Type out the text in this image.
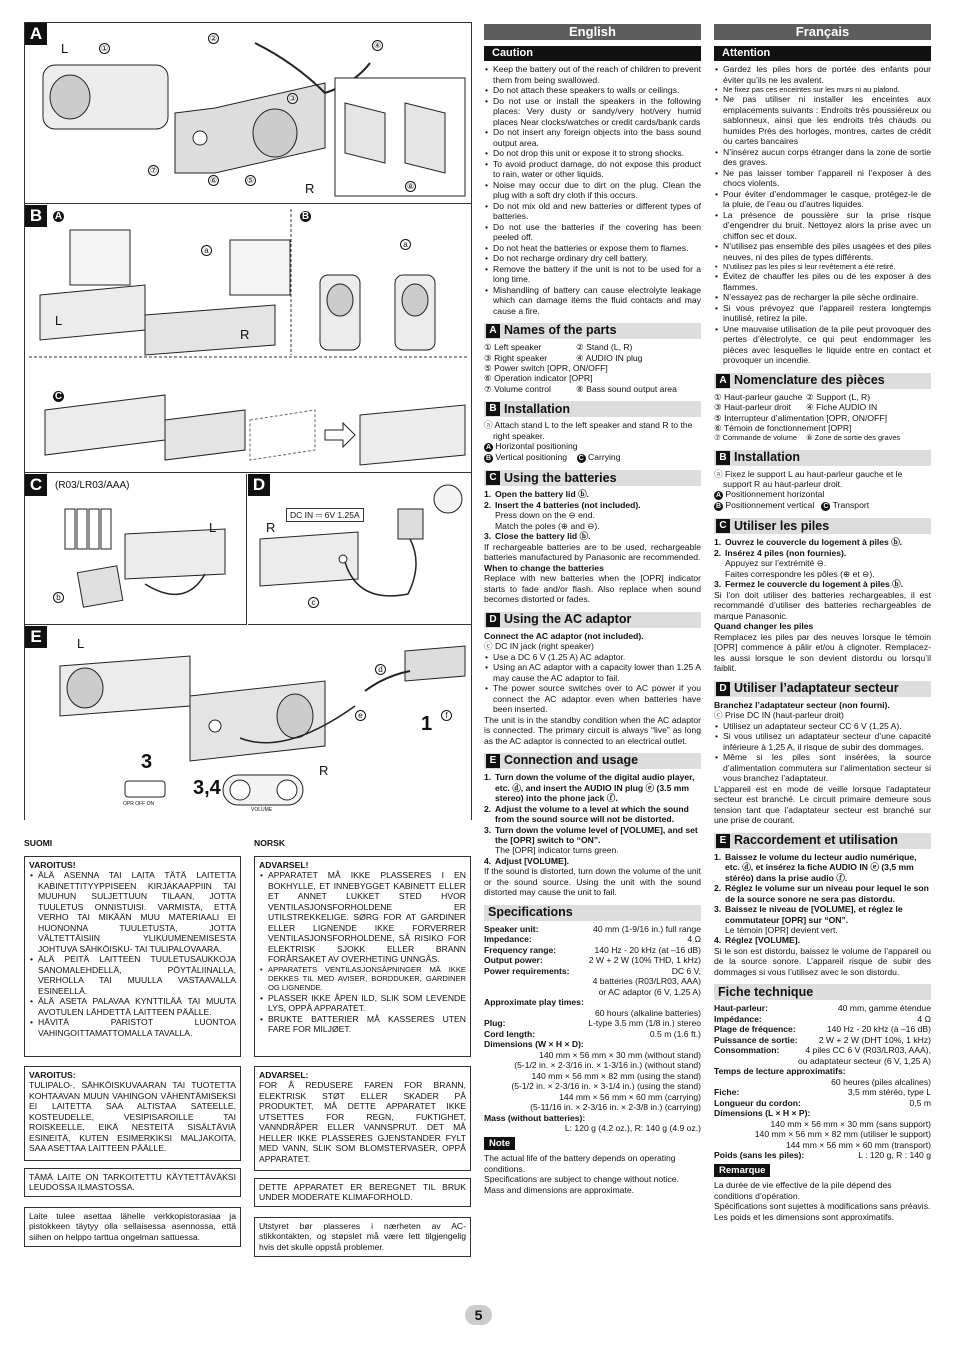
A
L
R
①
②
③
④
⑤
⑥
⑦
⑧
B	A	B
C
a
a
L
R
C	(R03/LR03/AAA)
b
L
D
DC IN ⎓ 6V 1.25A
c
R
E	L
R
d
e	f
1
3
3,4
OPR OFF ON
VOLUME
SUOMI	NORSK
VAROITUS!
• ÄLÄ ASENNA TAI LAITA TÄTÄ LAITETTA KABINETTITYYPPISEEN KIRJAKAAPPIIN TAI MUUHUN SULJETTUUN TILAAN, JOTTA TUULETUS ONNISTUISI. VARMISTA, ETTÄ VERHO TAI MIKÄÄN MUU MATERIAALI EI HUONONNA TUULETUSTA, JOTTA VÄLTETTÄISIIN YLIKUUMENEMISESTA JOHTUVA SÄHKÖISKU- TAI TULIPALOVAARA.
• ÄLÄ PEITÄ LAITTEEN TUULETUSAUKKOJA SANOMALEHDELLÄ, PÖYTÄLIINALLA, VERHOLLA TAI MUULLA VASTAAVALLA ESINEELLÄ.
• ÄLÄ ASETA PALAVAA KYNTTILÄÄ TAI MUUTA AVOTULEN LÄHDETTÄ LAITTEEN PÄÄLLE.
• HÄVITÄ PARISTOT LUONTOA VAHINGOITTAMATTOMALLA TAVALLA.
VAROITUS:
TULIPALO-, SÄHKÖISKUVAARAN TAI TUOTETTA KOHTAAVAN MUUN VAHINGON VÄHENTÄMISEKSI EI LAITETTA SAA ALTISTAA SATEELLE, KOSTEUDELLE, VESIPISAROILLE TAI ROISKEELLE, EIKÄ NESTEITÄ SISÄLTÄVIÄ ESINEITÄ, KUTEN ESIMERKIKSI MALJAKOITA, SAA ASETTAA LAITTEEN PÄÄLLE.
TÄMÄ LAITE ON TARKOITETTU KÄYTETTÄVÄKSI LEUDOSSA ILMASTOSSA.
Laite tulee asettaa lähelle verkkopistorasiaa ja pistokkeen täytyy olla sellaisessa asennossa, että siihen on helppo tarttua ongelman sattuessa.
ADVARSEL!
• APPARATET MÅ IKKE PLASSERES I EN BOKHYLLE, ET INNEBYGGET KABINETT ELLER ET ANNET LUKKET STED HVOR VENTILASJONSFORHOLDENE ER UTILSTREKKELIGE. SØRG FOR AT GARDINER ELLER LIGNENDE IKKE FORVERRER VENTILASJONSFORHOLDENE, SÅ RISIKO FOR ELEKTRISK SJOKK ELLER BRANN FORÅRSAKET AV OVERHETING UNNGÅS.
• APPARATETS VENTILASJONSÅPNINGER MÅ IKKE DEKKES TIL MED AVISER, BORDDUKER, GARDINER OG LIGNENDE.
• PLASSER IKKE ÅPEN ILD, SLIK SOM LEVENDE LYS, OPPÅ APPARATET.
• BRUKTE BATTERIER MÅ KASSERES UTEN FARE FOR MILJØET.
ADVARSEL:
FOR Å REDUSERE FAREN FOR BRANN, ELEKTRISK STØT ELLER SKADER PÅ PRODUKTET, MÅ DETTE APPARATET IKKE UTSETTES FOR REGN, FUKTIGHET, VANNDRÅPER ELLER VANNSPRUT. DET MÅ HELLER IKKE PLASSERES GJENSTANDER FYLT MED VANN, SLIK SOM BLOMSTERVASER, OPPÅ APPARATET.
DETTE APPARATET ER BEREGNET TIL BRUK UNDER MODERATE KLIMAFORHOLD.
Utstyret bør plasseres i nærheten av AC-stikkontakten, og støpslet må være lett tilgjengelig hvis det skulle oppstå problemer.
English
Caution
• Keep the battery out of the reach of children to prevent them from being swallowed.
• Do not attach these speakers to walls or ceilings.
• Do not use or install the speakers in the following places: Very dusty or sandy/very hot/very humid places Near clocks/watches or credit cards/bank cards
• Do not insert any foreign objects into the bass sound output area.
• Do not drop this unit or expose it to strong shocks.
• To avoid product damage, do not expose this product to rain, water or other liquids.
• Noise may occur due to dirt on the plug. Clean the plug with a soft dry cloth if this occurs.
• Do not mix old and new batteries or different types of batteries.
• Do not use the batteries if the covering has been peeled off.
• Do not heat the batteries or expose them to flames.
• Do not recharge ordinary dry cell battery.
• Remove the battery if the unit is not to be used for a long time.
• Mishandling of battery can cause electrolyte leakage which can damage items the fluid contacts and may cause a fire.
A Names of the parts
① Left speaker	② Stand (L, R)
③ Right speaker	④ AUDIO IN plug
⑤ Power switch [OPR, ON/OFF]
⑥ Operation indicator [OPR]
⑦ Volume control	⑧ Bass sound output area
B Installation
ⓐ Attach stand L to the left speaker and stand R to the right speaker.
A Horizontal positioning
B Vertical positioning C Carrying
C Using the batteries
1. Open the battery lid ⓑ.
2. Insert the 4 batteries (not included).
Press down on the ⊖ end.
Match the poles (⊕ and ⊖).
3. Close the battery lid ⓑ.
If rechargeable batteries are to be used, rechargeable batteries manufactured by Panasonic are recommended.
When to change the batteries
Replace with new batteries when the [OPR] indicator starts to fade and/or flash. Also replace when sound becomes distorted or fades.
D Using the AC adaptor
Connect the AC adaptor (not included).
ⓒ DC IN jack (right speaker)
• Use a DC 6 V (1.25 A) AC adaptor.
• Using an AC adaptor with a capacity lower than 1.25 A may cause the AC adaptor to fail.
• The power source switches over to AC power if you connect the AC adaptor even when batteries have been inserted.
The unit is in the standby condition when the AC adaptor is connected. The primary circuit is always “live” as long as the AC adaptor is connected to an electrical outlet.
E Connection and usage
1. Turn down the volume of the digital audio player, etc. ⓓ, and insert the AUDIO IN plug ⓔ (3.5 mm stereo) into the phone jack ⓕ.
2. Adjust the volume to a level at which the sound from the sound source will not be distorted.
3. Turn down the volume level of [VOLUME], and set the [OPR] switch to “ON”.
The [OPR] indicator turns green.
4. Adjust [VOLUME].
If the sound is distorted, turn down the volume of the unit or the sound source. Using the unit with the sound distorted may cause the unit to fail.
Specifications
Speaker unit:	40 mm (1-9/16 in.) full range
Impedance:	4 Ω
Frequency range:	140 Hz - 20 kHz (at –16 dB)
Output power:	2 W + 2 W (10% THD, 1 kHz)
Power requirements:	DC 6 V,
4 batteries (R03/LR03, AAA)
or AC adaptor (6 V, 1.25 A)
Approximate play times:
60 hours (alkaline batteries)
Plug:	L-type 3.5 mm (1/8 in.) stereo
Cord length:	0.5 m (1.6 ft.)
Dimensions (W × H × D):
140 mm × 56 mm × 30 mm (without stand)
(5-1/2 in. × 2-3/16 in. × 1-3/16 in.) (without stand)
140 mm × 56 mm × 82 mm (using the stand)
(5-1/2 in. × 2-3/16 in. × 3-1/4 in.) (using the stand)
144 mm × 56 mm × 60 mm (carrying)
(5-11/16 in. × 2-3/16 in. × 2-3/8 in.) (carrying)
Mass (without batteries):
L: 120 g (4.2 oz.), R: 140 g (4.9 oz.)
Note
The actual life of the battery depends on operating conditions.
Specifications are subject to change without notice.
Mass and dimensions are approximate.
Français
Attention
• Gardez les piles hors de portée des enfants pour éviter qu’ils ne les avalent.
• Ne fixez pas ces enceintes sur les murs ni au plafond.
• Ne pas utiliser ni installer les enceintes aux emplacements suivants : Endroits très poussiéreux ou sablonneux, ainsi que les endroits très chauds ou humides Près des horloges, montres, cartes de crédit ou cartes bancaires
• N’insérez aucun corps étranger dans la zone de sortie des graves.
• Ne pas laisser tomber l’appareil ni l’exposer à des chocs violents.
• Pour éviter d’endommager le casque, protégez-le de la pluie, de l’eau ou d’autres liquides.
• La présence de poussière sur la prise risque d’engendrer du bruit. Nettoyez alors la prise avec un chiffon sec et doux.
• N’utilisez pas ensemble des piles usagées et des piles neuves, ni des piles de types différents.
• N’utilisez pas les piles si leur revêtement a été retiré.
• Évitez de chauffer les piles ou de les exposer à des flammes.
• N’essayez pas de recharger la pile sèche ordinaire.
• Si vous prévoyez que l’appareil restera longtemps inutilisé, retirez la pile.
• Une mauvaise utilisation de la pile peut provoquer des pertes d’électrolyte, ce qui peut endommager les pièces avec lesquelles le liquide entre en contact et provoquer un incendie.
A Nomenclature des pièces
① Haut-parleur gauche ② Support (L, R)
③ Haut-parleur droit	④ Fiche AUDIO IN
⑤ Interrupteur d’alimentation [OPR, ON/OFF]
⑥ Témoin de fonctionnement [OPR]
⑦ Commande de volume	⑧ Zone de sortie des graves
B Installation
ⓐ Fixez le support L au haut-parleur gauche et le support R au haut-parleur droit.
A Positionnement horizontal
B Positionnement vertical C Transport
C Utiliser les piles
1. Ouvrez le couvercle du logement à piles ⓑ.
2. Insérez 4 piles (non fournies).
Appuyez sur l’extrémité ⊖.
Faites correspondre les pôles (⊕ et ⊖).
3. Fermez le couvercle du logement à piles ⓑ.
Si l’on doit utiliser des batteries rechargeables, il est recommandé d’utiliser des batteries rechargeables de marque Panasonic.
Quand changer les piles
Remplacez les piles par des neuves lorsque le témoin [OPR] commence à pâlir et/ou à clignoter. Remplacez-les aussi lorsque le son devient distordu ou lorsqu’il faiblit.
D Utiliser l’adaptateur secteur
Branchez l’adaptateur secteur (non fourni).
ⓒ Prise DC IN (haut-parleur droit)
• Utilisez un adaptateur secteur CC 6 V (1,25 A).
• Si vous utilisez un adaptateur secteur d’une capacité inférieure à 1,25 A, il risque de subir des dommages.
• Même si les piles sont insérées, la source d’alimentation commutera sur l’alimentation secteur si vous branchez l’adaptateur.
L’appareil est en mode de veille lorsque l’adaptateur secteur est branché. Le circuit primaire demeure sous tension tant que l’adaptateur secteur est branché sur une prise de courant.
E Raccordement et utilisation
1. Baissez le volume du lecteur audio numérique, etc. ⓓ, et insérez la fiche AUDIO IN ⓔ (3,5 mm stéréo) dans la prise audio ⓕ.
2. Réglez le volume sur un niveau pour lequel le son de la source sonore ne sera pas distordu.
3. Baissez le niveau de [VOLUME], et réglez le commutateur [OPR] sur “ON”.
Le témoin [OPR] devient vert.
4. Réglez [VOLUME].
Si le son est distordu, baissez le volume de l’appareil ou de la source sonore. L’appareil risque de subir des dommages si vous l’utilisez avec le son distordu.
Fiche technique
Haut-parleur:	40 mm, gamme étendue
Impédance:	4 Ω
Plage de fréquence:	140 Hz - 20 kHz (à –16 dB)
Puissance de sortie: 2 W + 2 W (DHT 10%, 1 kHz)
Consommation:	4 piles CC 6 V (R03/LR03, AAA),
ou adaptateur secteur (6 V, 1,25 A)
Temps de lecture approximatifs:
60 heures (piles alcalines)
Fiche:	3,5 mm stéréo, type L
Longueur du cordon:	0,5 m
Dimensions (L × H × P):
140 mm × 56 mm × 30 mm (sans support)
140 mm × 56 mm × 82 mm (utiliser le support)
144 mm × 56 mm × 60 mm (transport)
Poids (sans les piles):	L : 120 g, R : 140 g
Remarque
La durée de vie effective de la pile dépend des conditions d’opération.
Spécifications sont sujettes à modifications sans préavis.
Les poids et les dimensions sont approximatifs.
5
